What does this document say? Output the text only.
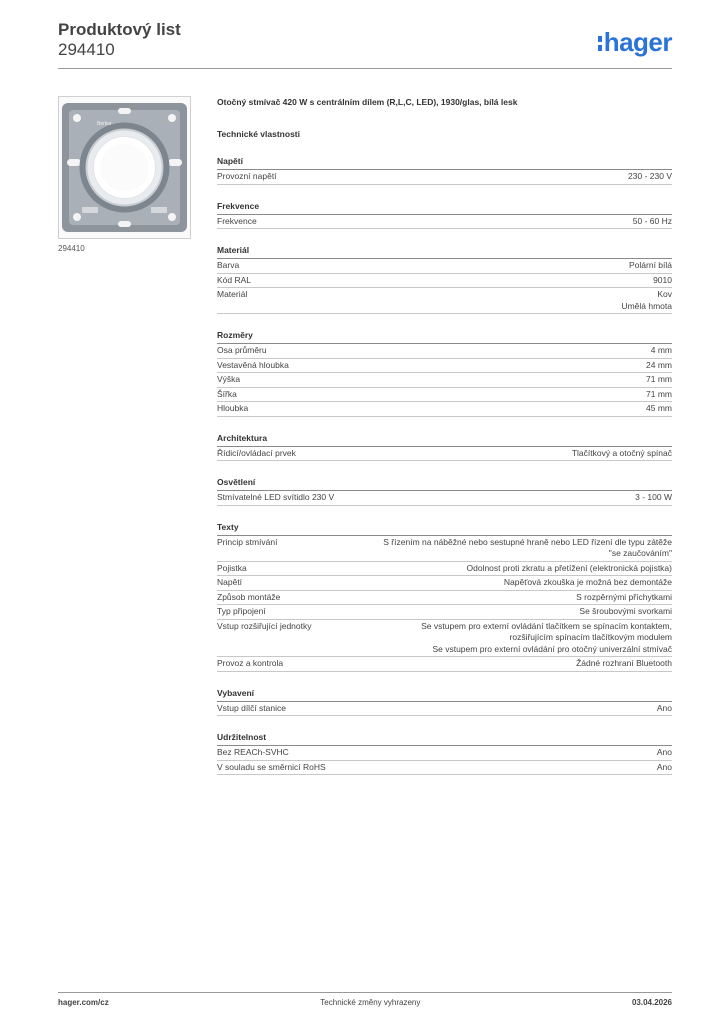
Produktový list
294410	hager
Berker
294410
Otočný stmívač 420 W s centrálním dílem (R,L,C, LED), 1930/glas, bílá lesk
Technické vlastnosti
Napětí
Provozní napětí	230 - 230 V
Frekvence
Frekvence	50 - 60 Hz
Materiál
Barva	Polární bílá
Kód RAL	9010
Materiál	Kov
Umělá hmota
Rozměry
Osa průměru	4 mm
Vestavěná hloubka	24 mm
Výška	71 mm
Šířka	71 mm
Hloubka	45 mm
Architektura
Řídicí/ovládací prvek	Tlačítkový a otočný spínač
Osvětlení
Stmívatelné LED svítidlo 230 V	3 - 100 W
Texty
Princip stmívání	S řízením na náběžné nebo sestupné hraně nebo LED řízení dle typu zátěže
"se zaučováním"
Pojistka	Odolnost proti zkratu a přetížení (elektronická pojistka)
Napětí	Napěťová zkouška je možná bez demontáže
Způsob montáže	S rozpěrnými příchytkami
Typ připojení	Se šroubovými svorkami
Vstup rozšiřující jednotky	Se vstupem pro externí ovládání tlačítkem se spínacím kontaktem,
rozšiřujícím spínacím tlačítkovým modulem
Se vstupem pro externí ovládání pro otočný univerzální stmívač
Provoz a kontrola	Žádné rozhraní Bluetooth
Vybavení
Vstup dílčí stanice	Ano
Udržitelnost
Bez REACh-SVHC	Ano
V souladu se směrnicí RoHS	Ano
hager.com/cz	Technické změny vyhrazeny	03.04.2026
